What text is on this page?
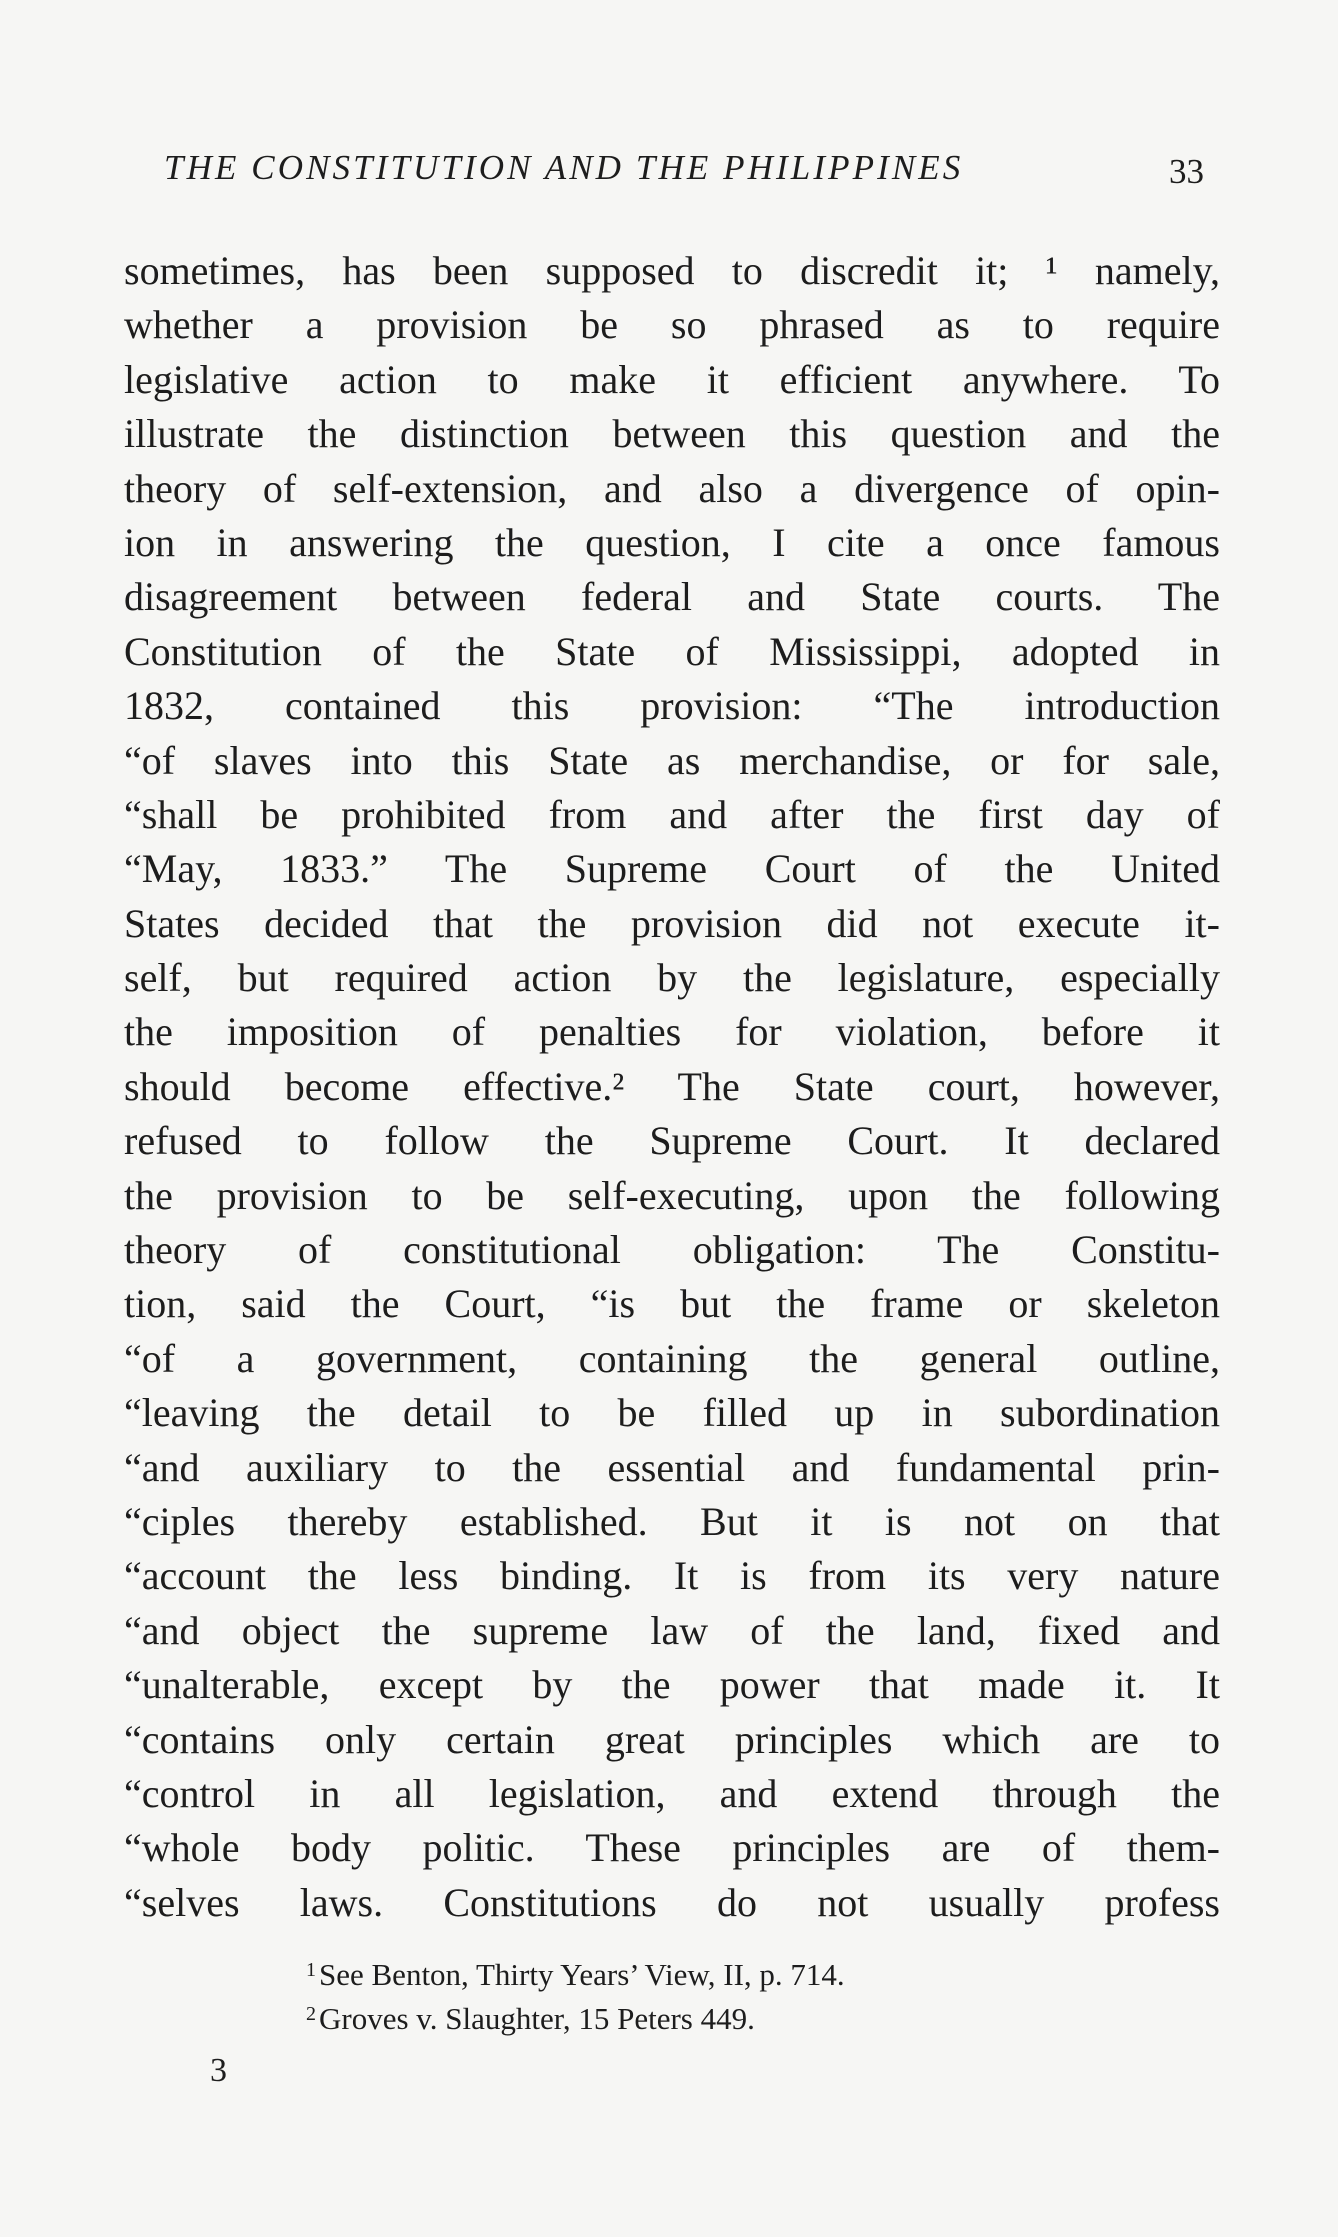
THE CONSTITUTION AND THE PHILIPPINES	33
sometimes, has been supposed to discredit it; ¹ namely,
whether a provision be so phrased as to require
legislative action to make it efficient anywhere. To
illustrate the distinction between this question and the
theory of self-extension, and also a divergence of opin-
ion in answering the question, I cite a once famous
disagreement between federal and State courts. The
Constitution of the State of Mississippi, adopted in
1832, contained this provision: “The introduction
“of slaves into this State as merchandise, or for sale,
“shall be prohibited from and after the first day of
“May, 1833.” The Supreme Court of the United
States decided that the provision did not execute it-
self, but required action by the legislature, especially
the imposition of penalties for violation, before it
should become effective.² The State court, however,
refused to follow the Supreme Court. It declared
the provision to be self-executing, upon the following
theory of constitutional obligation: The Constitu-
tion, said the Court, “is but the frame or skeleton
“of a government, containing the general outline,
“leaving the detail to be filled up in subordination
“and auxiliary to the essential and fundamental prin-
“ciples thereby established. But it is not on that
“account the less binding. It is from its very nature
“and object the supreme law of the land, fixed and
“unalterable, except by the power that made it. It
“contains only certain great principles which are to
“control in all legislation, and extend through the
“whole body politic. These principles are of them-
“selves laws. Constitutions do not usually profess
$^1$See Benton, Thirty Years’ View, II, p. 714.
$^2$Groves v. Slaughter, 15 Peters 449.
3
